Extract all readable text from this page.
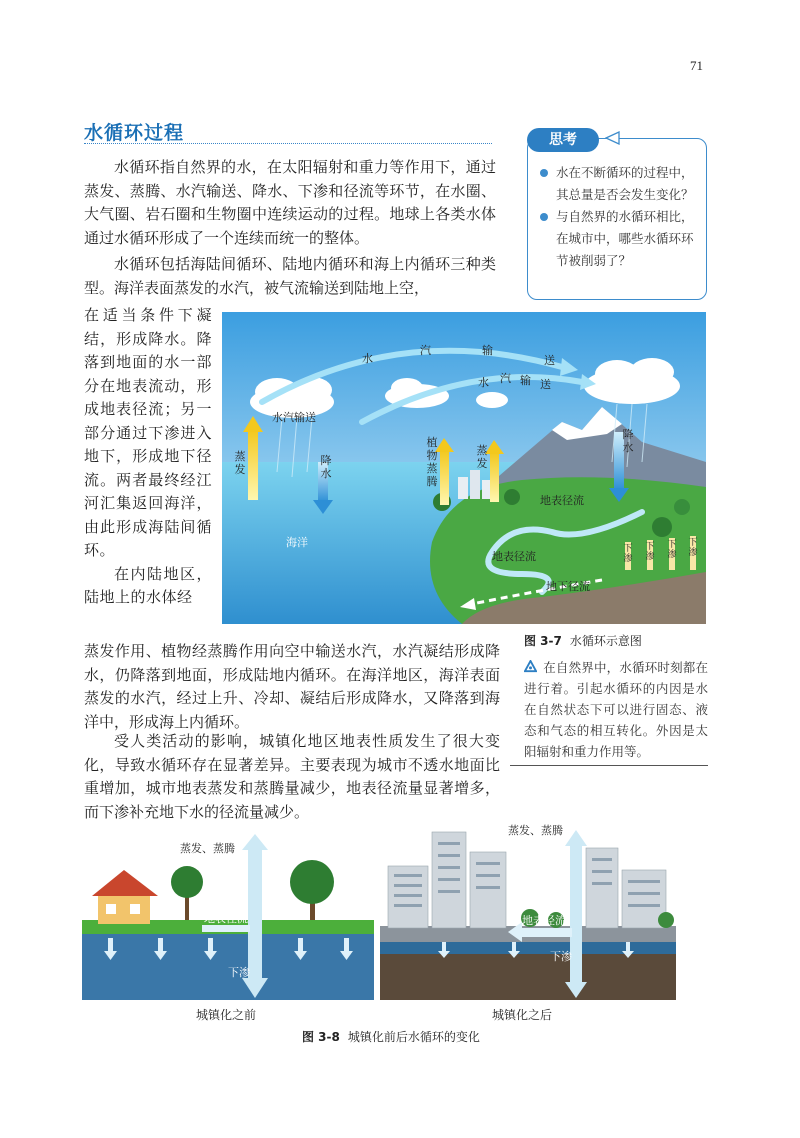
71
水循环过程	思考
水在不断循环的过程中，其总量是否会发生变化？
与自然界的水循环相比，在城市中，哪些水循环环节被削弱了？

水循环指自然界的水，在太阳辐射和重力等作用下，通过蒸发、蒸腾、水汽输送、降水、下渗和径流等环节，在水圈、大气圈、岩石圈和生物圈中连续运动的过程。地球上各类水体通过水循环形成了一个连续而统一的整体。

水循环包括海陆间循环、陆地内循环和海上内循环三种类型。海洋表面蒸发的水汽，被气流输送到陆地上空，

在适当条件下凝结，形成降水。降落到地面的水一部分在地表流动，形成地表径流；另一部分通过下渗进入地下，形成地下径流。两者最终经江河汇集返回海洋，由此形成海陆间循环。

在内陆地区，陆地上的水体经

蒸发作用、植物经蒸腾作用向空中输送水汽，水汽凝结形成降水，仍降落到地面，形成陆地内循环。在海洋地区，海洋表面蒸发的水汽，经过上升、冷却、凝结后形成降水，又降落到海洋中，形成海上内循环。

受人类活动的影响，城镇化地区地表性质发生了很大变化，导致水循环存在显著差异。主要表现为城市不透水地面比重增加，城市地表蒸发和蒸腾量减少，地表径流量显著增多，而下渗补充地下水的径流量减少。

水
汽	输
送
水 汽 输 送
水汽输送
蒸发
降水
海洋
植物蒸腾
蒸发
降水
地表径流
地表径流
地下径流
下渗
下渗
下渗
下渗
图 3-7 水循环示意图
在自然界中，水循环时刻都在进行着。引起水循环的内因是水在自然状态下可以进行固态、液态和气态的相互转化。外因是太阳辐射和重力作用等。
蒸发、蒸腾
地表径流
下渗
城镇化之前
蒸发、蒸腾
地表径流
下渗
城镇化之后
图 3-8 城镇化前后水循环的变化
